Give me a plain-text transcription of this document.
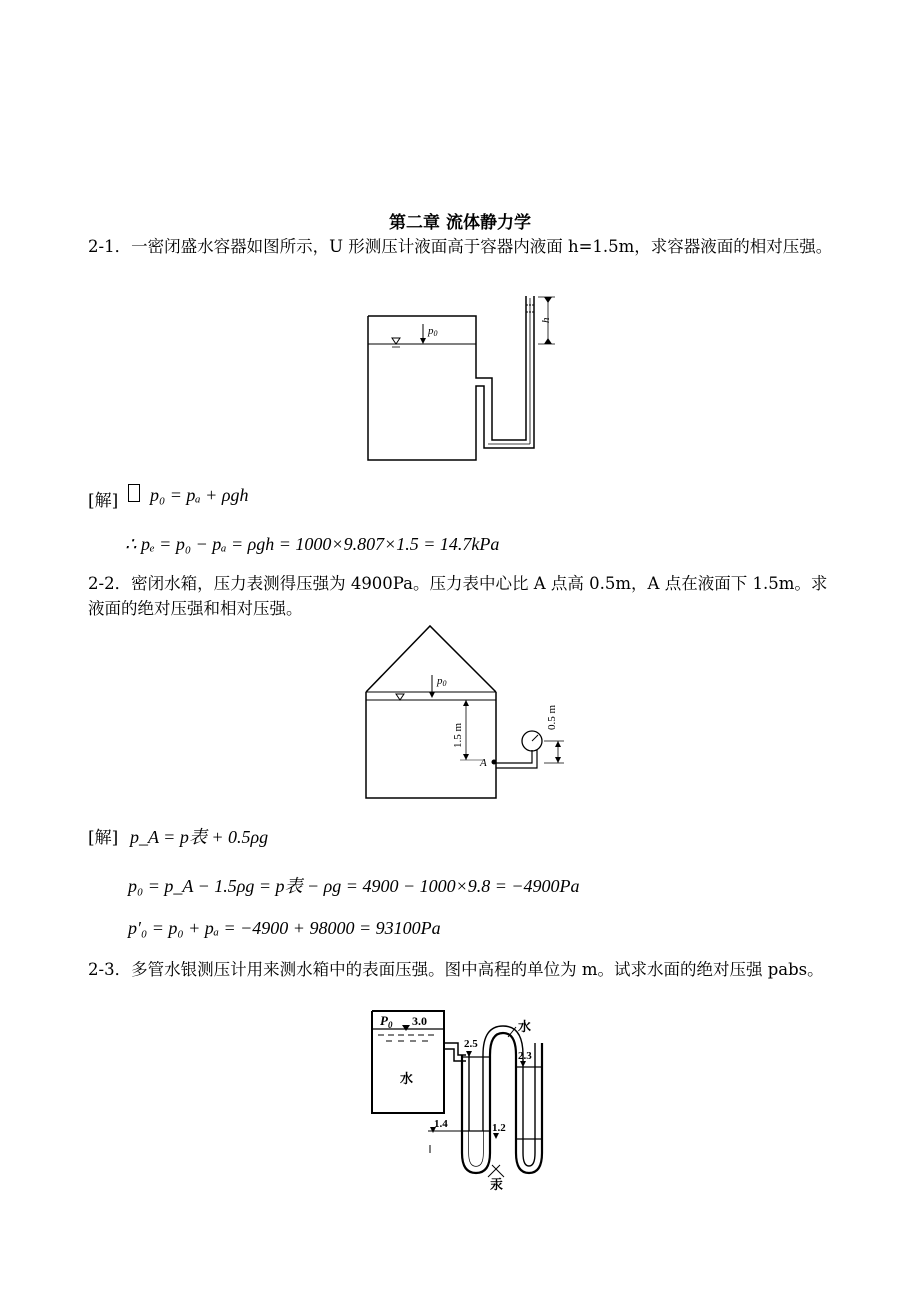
第二章 流体静力学
2-1．一密闭盛水容器如图所示，U 形测压计液面高于容器内液面 h=1.5m，求容器液面的相对压强。
p0
h
[解] p₀ = pₐ + ρgh
∴ pₑ = p₀ − pₐ = ρgh = 1000×9.807×1.5 = 14.7kPa
2-2．密闭水箱，压力表测得压强为 4900Pa。压力表中心比 A 点高 0.5m，A 点在液面下 1.5m。求液面的绝对压强和相对压强。
p0
1.5 m
0.5 m
A
[解] p_A = p表 + 0.5ρg
p₀ = p_A − 1.5ρg = p表 − ρg = 4900 − 1000×9.8 = −4900Pa
p′₀ = p₀ + pₐ = −4900 + 98000 = 93100Pa
2-3．多管水银测压计用来测水箱中的表面压强。图中高程的单位为 m。试求水面的绝对压强 pabs。
$P_0$ 3.0
2.5
2.3
1.4	1.2
水
水
汞
